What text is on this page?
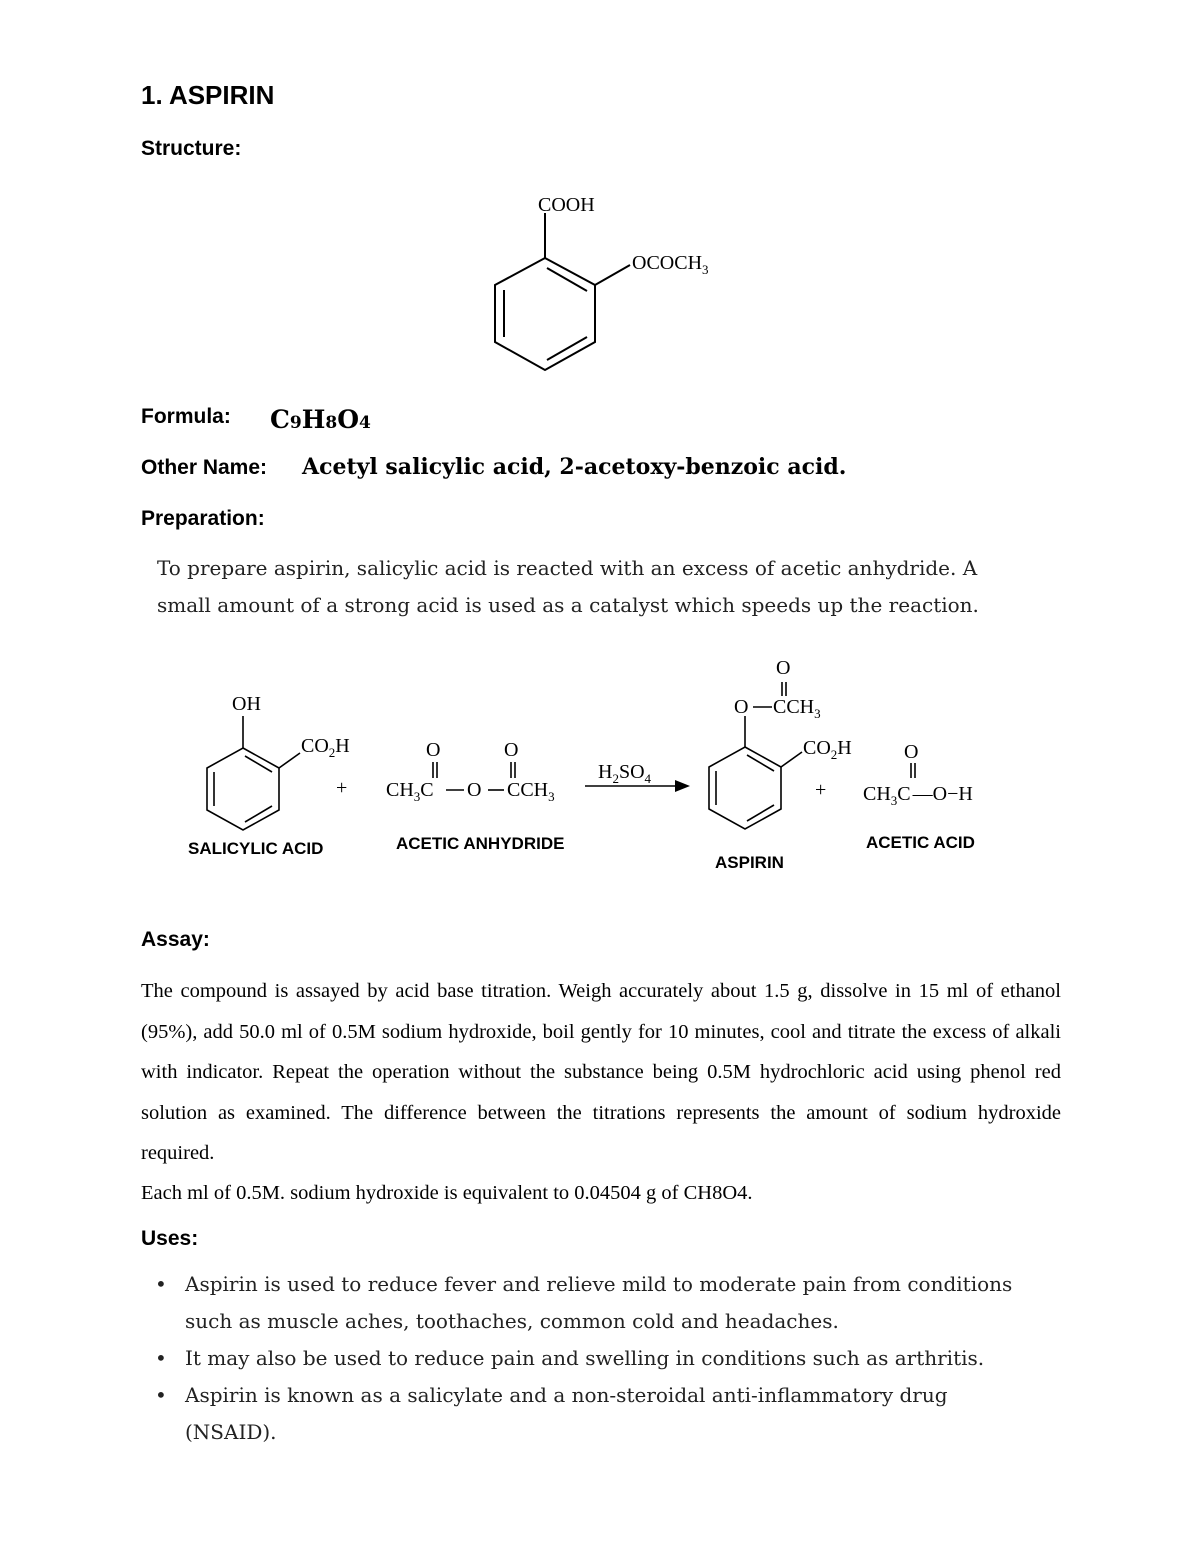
1. ASPIRIN
Structure:
COOH
$OCOCH_3$
Formula: C9H8O4
Other Name: Acetyl salicylic acid, 2-acetoxy-benzoic acid.
Preparation:
To prepare aspirin, salicylic acid is reacted with an excess of acetic anhydride. A small amount of a strong acid is used as a catalyst which speeds up the reaction.
OH
$CO_2H$
+
O	O
$CH_3C$ O $CCH_3$
$H_2SO_4$
O
O $CCH_3$
$CO_2H$
+
O
$CH_3C$ —O−H
SALICYLIC ACID	ACETIC ANHYDRIDE
ASPIRIN
ACETIC ACID
Assay:

The compound is assayed by acid base titration. Weigh accurately about 1.5 g, dissolve in 15 ml of ethanol (95%), add 50.0 ml of 0.5M sodium hydroxide, boil gently for 10 minutes, cool and titrate the excess of alkali with indicator. Repeat the operation without the substance being 0.5M hydrochloric acid using phenol red solution as examined. The difference between the titrations represents the amount of sodium hydroxide required.

Each ml of 0.5M. sodium hydroxide is equivalent to 0.04504 g of CH8O4.

Uses:
• Aspirin is used to reduce fever and relieve mild to moderate pain from conditions such as muscle aches, toothaches, common cold and headaches.
• It may also be used to reduce pain and swelling in conditions such as arthritis.
• Aspirin is known as a salicylate and a non-steroidal anti-inflammatory drug (NSAID).
